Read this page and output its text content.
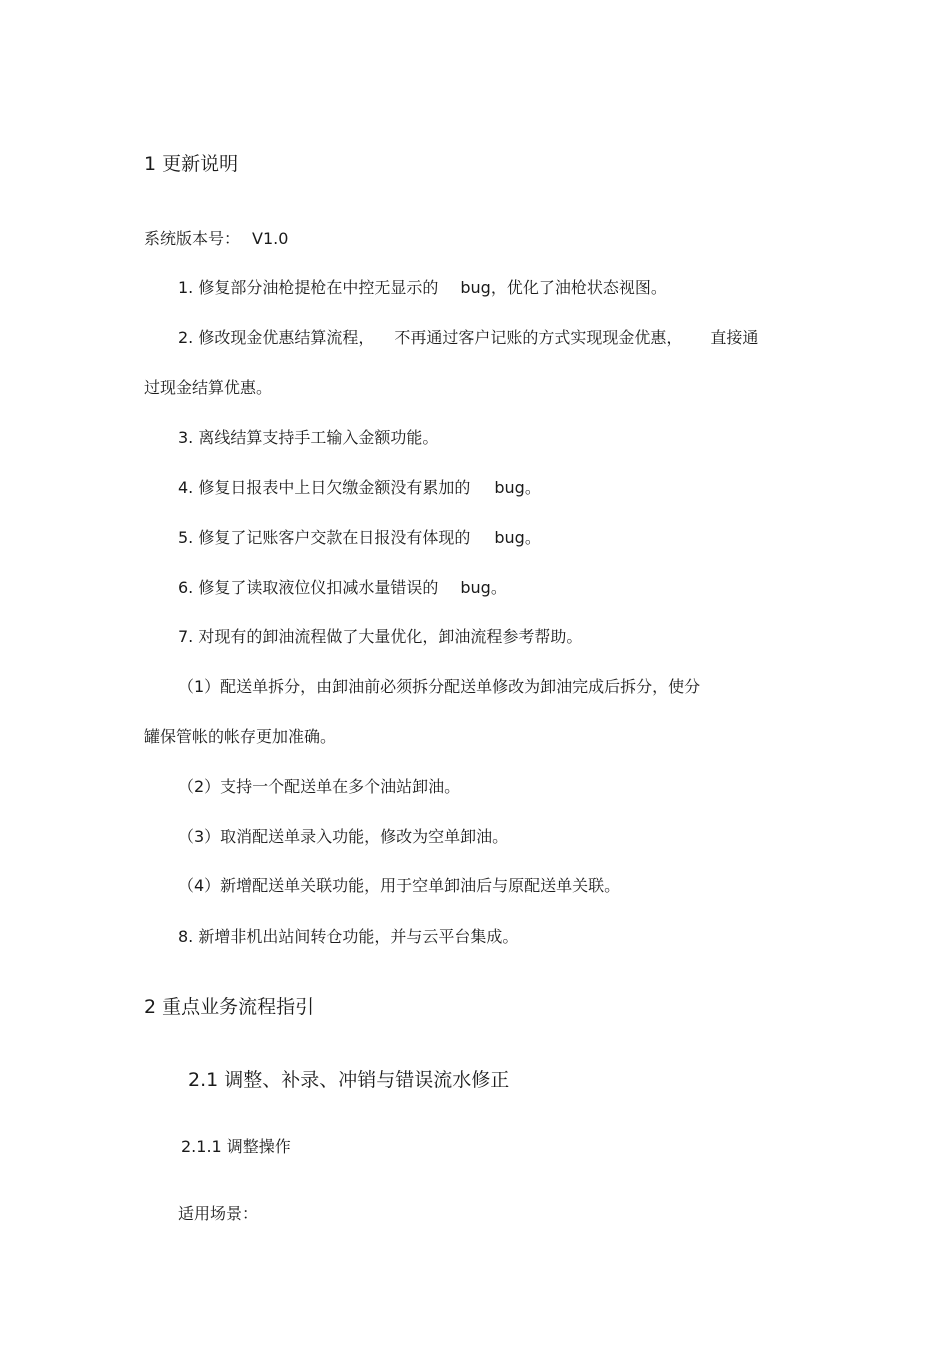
1 更新说明
系统版本号： V1.0
1. 修复部分油枪提枪在中控无显示的 bug，优化了油枪状态视图。
2. 修改现金优惠结算流程， 不再通过客户记账的方式实现现金优惠， 直接通
过现金结算优惠。
3. 离线结算支持手工输入金额功能。
4. 修复日报表中上日欠缴金额没有累加的 bug。
5. 修复了记账客户交款在日报没有体现的 bug。
6. 修复了读取液位仪扣减水量错误的 bug。
7. 对现有的卸油流程做了大量优化，卸油流程参考帮助。
（1）配送单拆分，由卸油前必须拆分配送单修改为卸油完成后拆分，使分
罐保管帐的帐存更加准确。
（2）支持一个配送单在多个油站卸油。
（3）取消配送单录入功能，修改为空单卸油。
（4）新增配送单关联功能，用于空单卸油后与原配送单关联。
8. 新增非机出站间转仓功能，并与云平台集成。
2 重点业务流程指引
2.1 调整、补录、冲销与错误流水修正
2.1.1 调整操作
适用场景：
